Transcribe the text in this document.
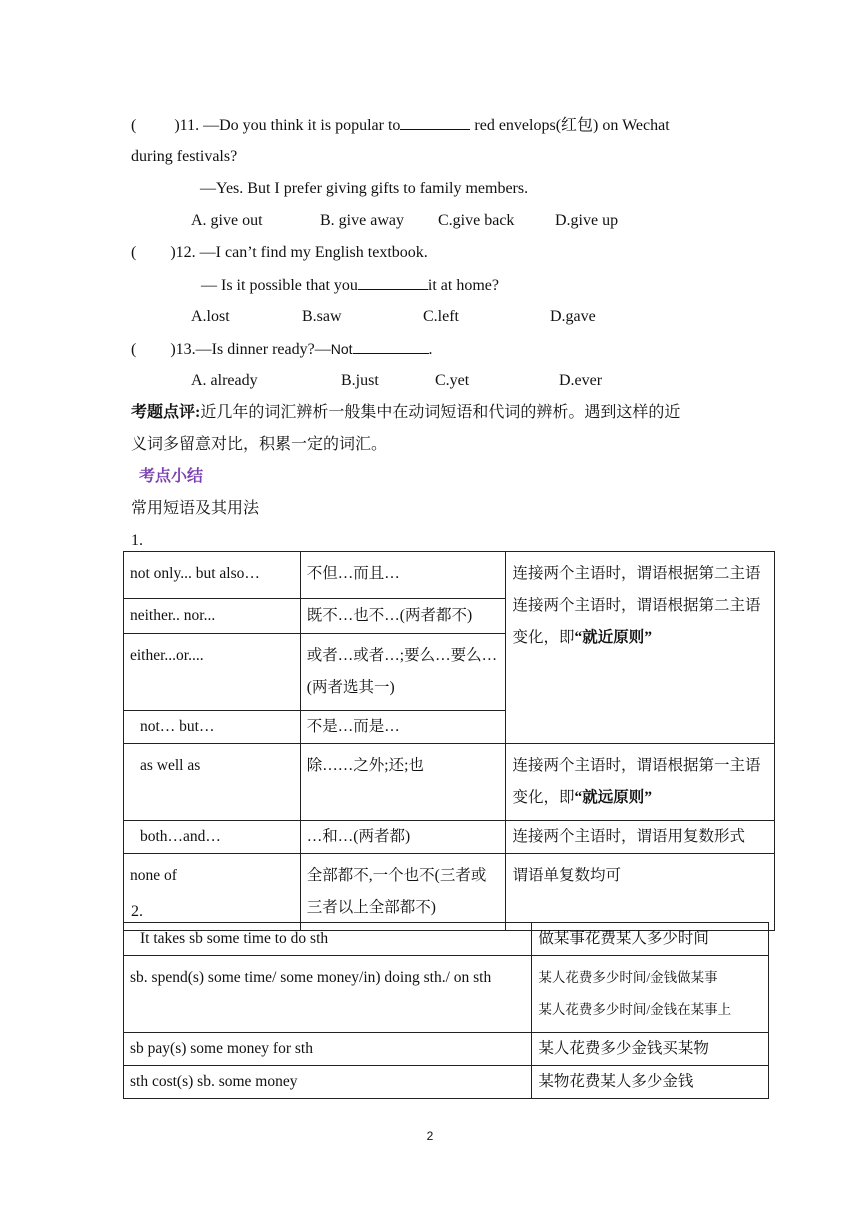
( )11. —Do you think it is popular to	red envelops(红包) on Wechat
during festivals?
—Yes. But I prefer giving gifts to family members.
A. give out	B. give away C.give back	D.give up
( )12. —I can’t find my English textbook.
— Is it possible that you	it at home?
A.lost	B.saw	C.left	D.gave
( )13.—Is dinner ready?—Not	.
A. already	B.just	C.yet	D.ever
考题点评:近几年的词汇辨析一般集中在动词短语和代词的辨析。遇到这样的近
义词多留意对比，积累一定的词汇。
考点小结
常用短语及其用法
1.
not only... but also…	不但…而且…	连接两个主语时，谓语根据第二主语连接两个主语时，谓语根据第二主语变化，即“就近原则”
neither.. nor...	既不…也不…(两者都不)	
either...or....	或者…或者…;要么…要么…(两者选其一)	
not… but…	不是…而是…	
as well as	除……之外;还;也	连接两个主语时，谓语根据第一主语变化，即“就远原则”
both…and…	…和…(两者都)	连接两个主语时，谓语用复数形式
none of	全部都不,一个也不(三者或三者以上全部都不)	谓语单复数均可
2.
It takes sb some time to do sth	做某事花费某人多少时间
sb. spend(s) some time/ some money/in) doing sth./ on sth	某人花费多少时间/金钱做某事
某人花费多少时间/金钱在某事上

sb pay(s) some money for sth	某人花费多少金钱买某物
sth cost(s) sb. some money	某物花费某人多少金钱
2
